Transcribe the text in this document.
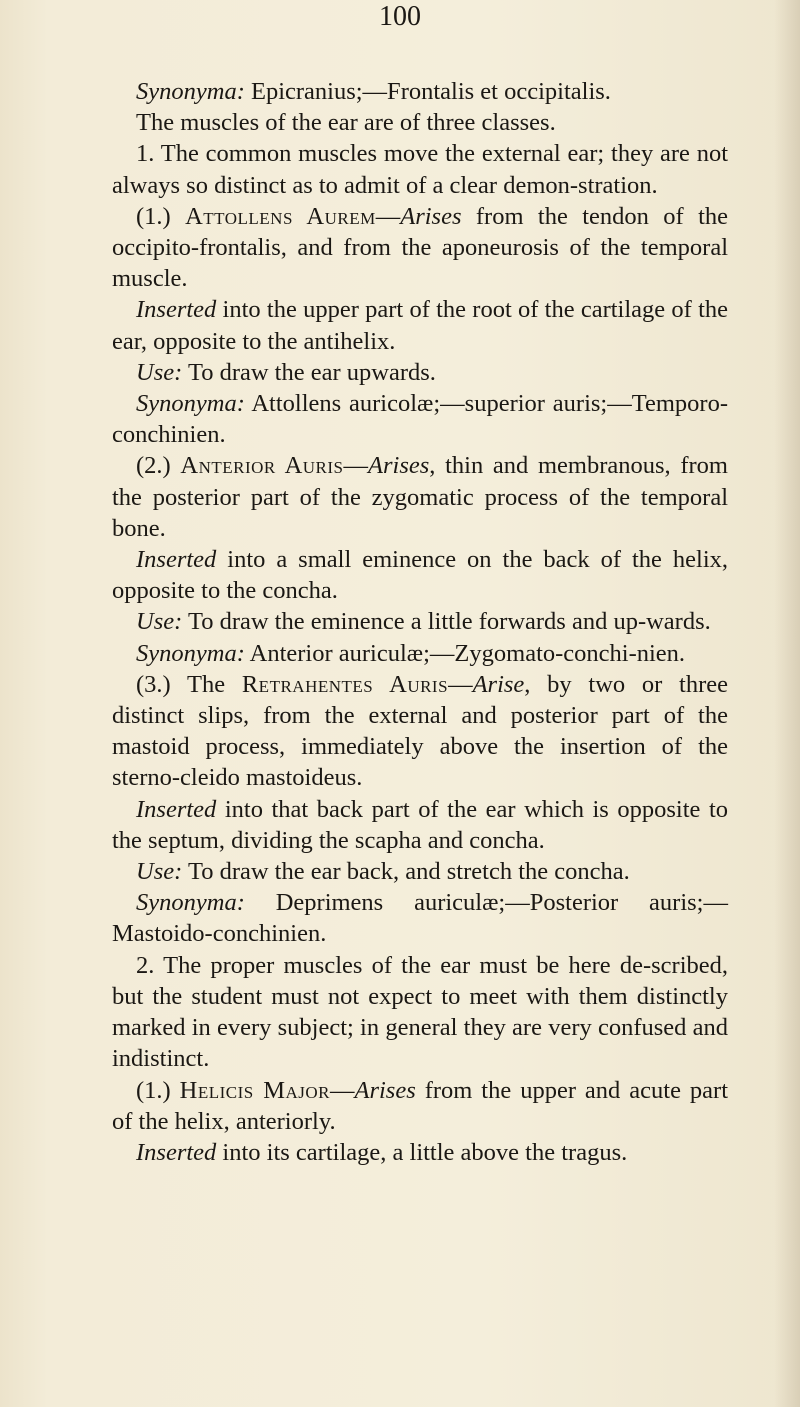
100

Synonyma: Epicranius;—Frontalis et occipitalis.

The muscles of the ear are of three classes.

1. The common muscles move the external ear; they are not always so distinct as to admit of a clear demon-stration.

(1.) Attollens Aurem—Arises from the tendon of the occipito-frontalis, and from the aponeurosis of the temporal muscle.

Inserted into the upper part of the root of the cartilage of the ear, opposite to the antihelix.

Use: To draw the ear upwards.

Synonyma: Attollens auricolæ;—superior auris;—Temporo-conchinien.

(2.) Anterior Auris—Arises, thin and membranous, from the posterior part of the zygomatic process of the temporal bone.

Inserted into a small eminence on the back of the helix, opposite to the concha.

Use: To draw the eminence a little forwards and up-wards.

Synonyma: Anterior auriculæ;—Zygomato-conchi-nien.

(3.) The Retrahentes Auris—Arise, by two or three distinct slips, from the external and posterior part of the mastoid process, immediately above the insertion of the sterno-cleido mastoideus.

Inserted into that back part of the ear which is opposite to the septum, dividing the scapha and concha.

Use: To draw the ear back, and stretch the concha.

Synonyma: Deprimens auriculæ;—Posterior auris;—Mastoido-conchinien.

2. The proper muscles of the ear must be here de-scribed, but the student must not expect to meet with them distinctly marked in every subject; in general they are very confused and indistinct.

(1.) Helicis Major—Arises from the upper and acute part of the helix, anteriorly.

Inserted into its cartilage, a little above the tragus.
